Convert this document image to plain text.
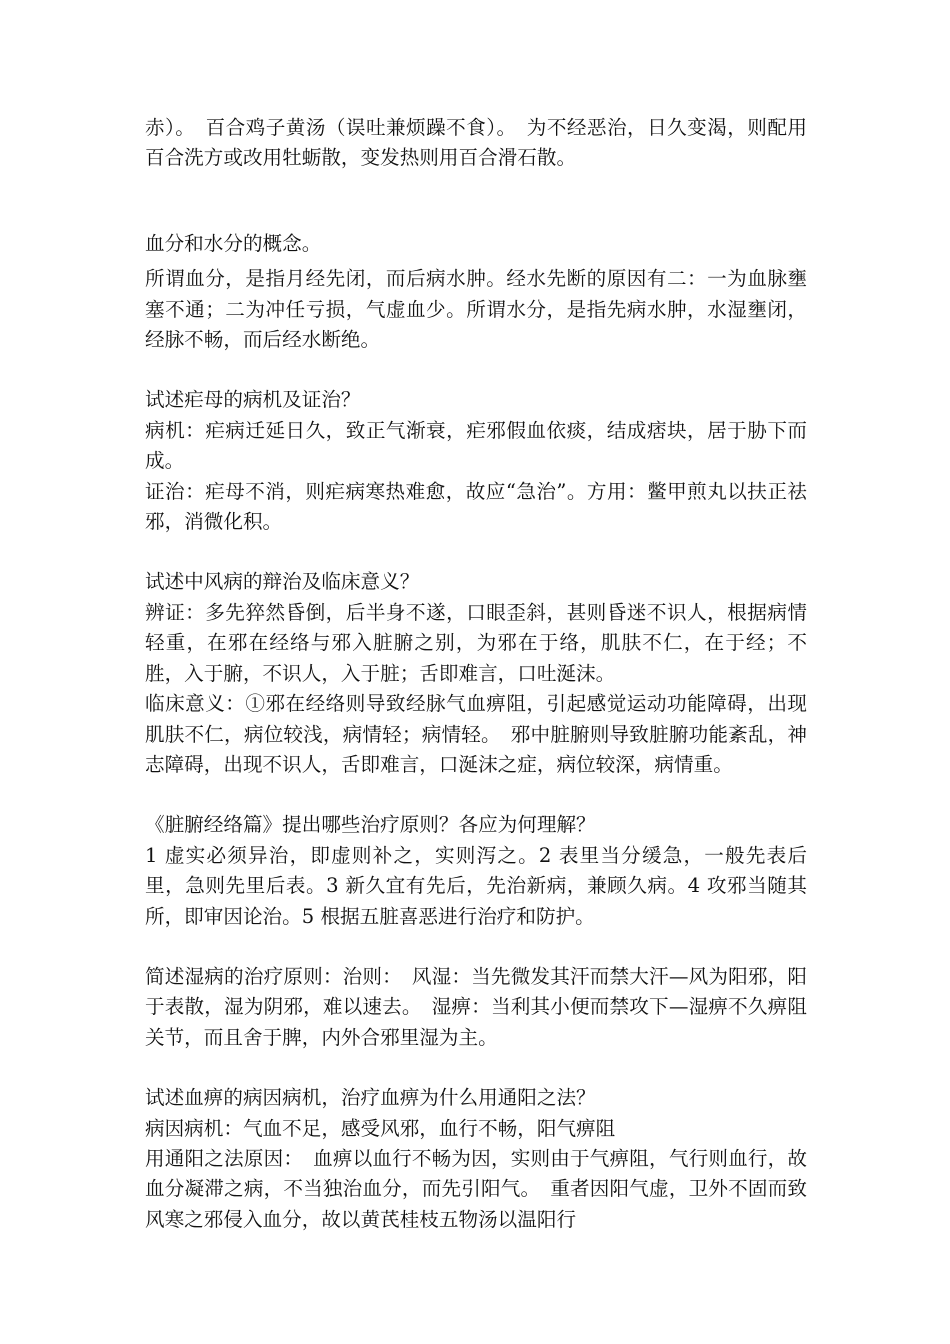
赤）。　百合鸡子黄汤（误吐兼烦躁不食）。　为不经恶治，日久变渴，则配用百合洗方或改用牡蛎散，变发热则用百合滑石散。

血分和水分的概念。

所谓血分，是指月经先闭，而后病水肿。经水先断的原因有二：一为血脉壅塞不通；二为冲任亏损，气虚血少。所谓水分，是指先病水肿，水湿壅闭，经脉不畅，而后经水断绝。

试述疟母的病机及证治？

病机：疟病迁延日久，致正气渐衰，疟邪假血依痰，结成痞块，居于胁下而成。

证治：疟母不消，则疟病寒热难愈，故应“急治”。方用：鳖甲煎丸以扶正祛邪，消微化积。

试述中风病的辩治及临床意义？

辨证：多先猝然昏倒，后半身不遂，口眼歪斜，甚则昏迷不识人，根据病情轻重，在邪在经络与邪入脏腑之别，为邪在于络，肌肤不仁，在于经；不胜，入于腑，不识人，入于脏；舌即难言，口吐涎沫。

临床意义：①邪在经络则导致经脉气血痹阻，引起感觉运动功能障碍，出现肌肤不仁，病位较浅，病情轻；病情轻。　邪中脏腑则导致脏腑功能紊乱，神志障碍，出现不识人，舌即难言，口涎沫之症，病位较深，病情重。

《脏腑经络篇》提出哪些治疗原则？各应为何理解？

1 虚实必须异治，即虚则补之，实则泻之。2 表里当分缓急，一般先表后里，急则先里后表。3 新久宜有先后，先治新病，兼顾久病。4 攻邪当随其所，即审因论治。5 根据五脏喜恶进行治疗和防护。

简述湿病的治疗原则：治则：　风湿：当先微发其汗而禁大汗—风为阳邪，阳于表散，湿为阴邪，难以速去。　湿痹：当利其小便而禁攻下—湿痹不久痹阻关节，而且舍于脾，内外合邪里湿为主。

试述血痹的病因病机，治疗血痹为什么用通阳之法？

病因病机：气血不足，感受风邪，血行不畅，阳气痹阻

用通阳之法原因：　血痹以血行不畅为因，实则由于气痹阻，气行则血行，故血分凝滞之病，不当独治血分，而先引阳气。　重者因阳气虚，卫外不固而致风寒之邪侵入血分，故以黄芪桂枝五物汤以温阳行
